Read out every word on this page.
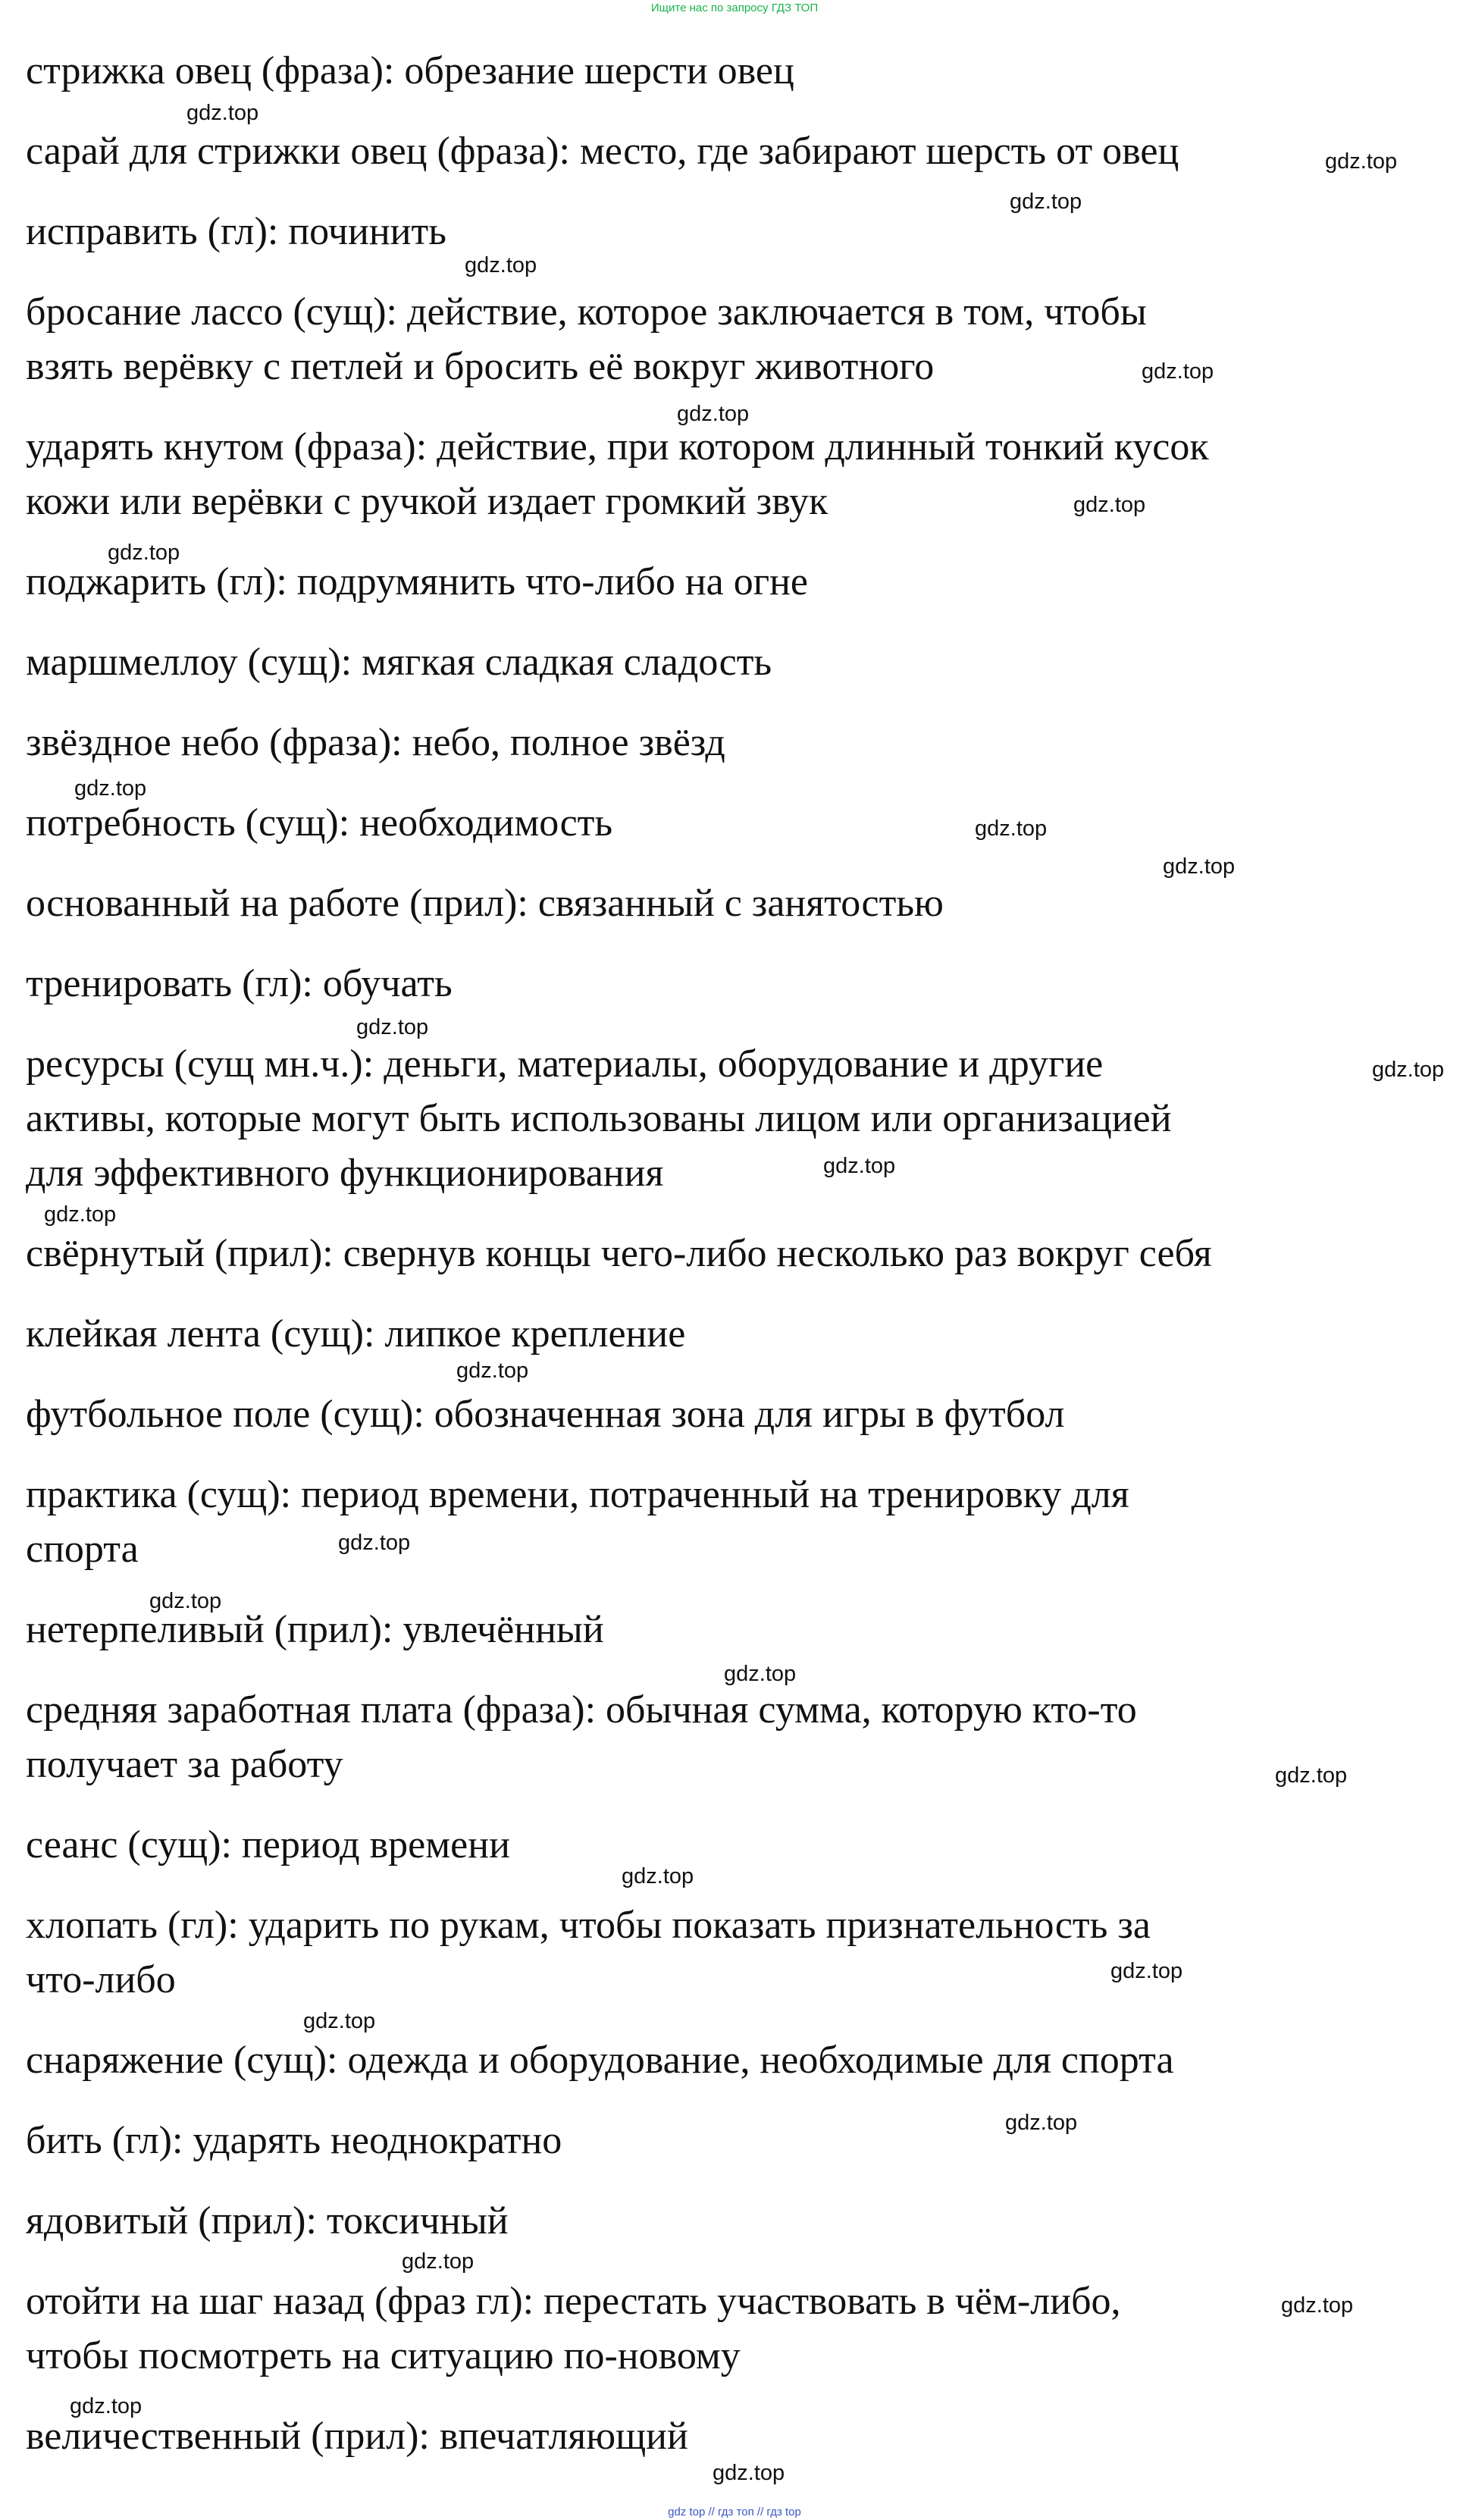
Ищите нас по запросу ГДЗ ТОП
стрижка овец (фраза): обрезание шерсти овец
сарай для стрижки овец (фраза): место, где забирают шерсть от овец
исправить (гл): починить
бросание лассо (сущ): действие, которое заключается в том, чтобы
взять верёвку с петлей и бросить её вокруг животного
ударять кнутом (фраза): действие, при котором длинный тонкий кусок
кожи или верёвки с ручкой издает громкий звук
поджарить (гл): подрумянить что-либо на огне
маршмеллоу (сущ): мягкая сладкая сладость
звёздное небо (фраза): небо, полное звёзд
потребность (сущ): необходимость
основанный на работе (прил): связанный с занятостью
тренировать (гл): обучать
ресурсы (сущ мн.ч.): деньги, материалы, оборудование и другие
активы, которые могут быть использованы лицом или организацией
для эффективного функционирования
свёрнутый (прил): свернув концы чего-либо несколько раз вокруг себя
клейкая лента (сущ): липкое крепление
футбольное поле (сущ): обозначенная зона для игры в футбол
практика (сущ): период времени, потраченный на тренировку для
спорта
нетерпеливый (прил): увлечённый
средняя заработная плата (фраза): обычная сумма, которую кто-то
получает за работу
сеанс (сущ): период времени
хлопать (гл): ударить по рукам, чтобы показать признательность за
что-либо
снаряжение (сущ): одежда и оборудование, необходимые для спорта
бить (гл): ударять неоднократно
ядовитый (прил): токсичный
отойти на шаг назад (фраз гл): перестать участвовать в чём-либо,
чтобы посмотреть на ситуацию по-новому
величественный (прил): впечатляющий
gdz.top
gdz.top
gdz.top
gdz.top
gdz.top
gdz.top
gdz.top
gdz.top
gdz.top
gdz.top
gdz.top
gdz.top
gdz.top
gdz.top
gdz.top
gdz.top
gdz.top
gdz.top
gdz.top
gdz.top
gdz.top
gdz.top
gdz.top
gdz.top
gdz.top
gdz.top
gdz.top
gdz.top
gdz top // гдз топ // гдз top
